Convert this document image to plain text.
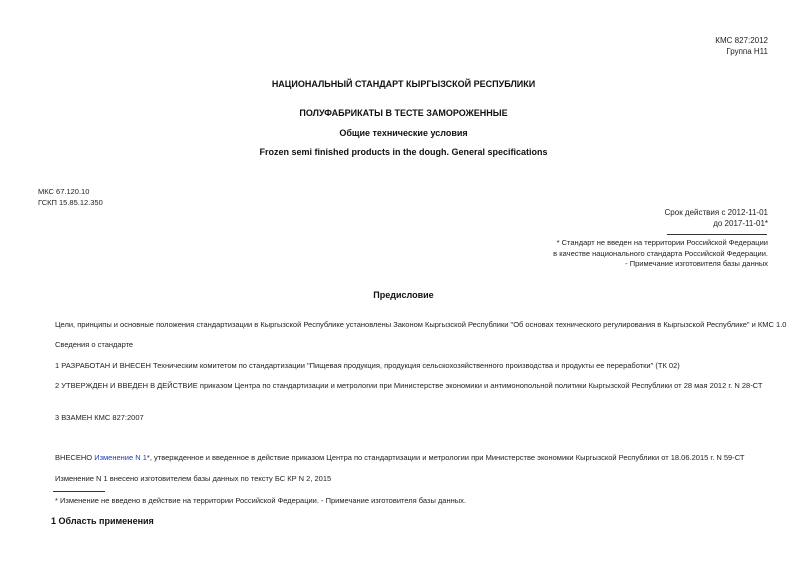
КМС 827:2012
Группа Н11
НАЦИОНАЛЬНЫЙ СТАНДАРТ КЫРГЫЗСКОЙ РЕСПУБЛИКИ
ПОЛУФАБРИКАТЫ В ТЕСТЕ ЗАМОРОЖЕННЫЕ
Общие технические условия
Frozen semi finished products in the dough. General specifications
МКС 67.120.10
ГСКП 15.85.12.350
Срок действия с 2012-11-01
до 2017-11-01*
* Стандарт не введен на территории Российской Федерации
в качестве национального стандарта Российской Федерации.
- Примечание изготовителя базы данных
Предисловие
Цели, принципы и основные положения стандартизации в Кыргызской Республике установлены Законом Кыргызской Республики "Об основах технического регулирования в Кыргызской Республике" и КМС 1.0
Сведения о стандарте
1 РАЗРАБОТАН И ВНЕСЕН Техническим комитетом по стандартизации "Пищевая продукция, продукция сельскохозяйственного производства и продукты ее переработки" (ТК 02)
2 УТВЕРЖДЕН И ВВЕДЕН В ДЕЙСТВИЕ приказом Центра по стандартизации и метрологии при Министерстве экономики и антимонопольной политики Кыргызской Республики от 28 мая 2012 г. N 28-СТ
3 ВЗАМЕН КМС 827:2007
ВНЕСЕНО Изменение N 1*, утвержденное и введенное в действие приказом Центра по стандартизации и метрологии при Министерстве экономики Кыргызской Республики от 18.06.2015 г. N 59-СТ
Изменение N 1 внесено изготовителем базы данных по тексту БС КР N 2, 2015
* Изменение не введено в действие на территории Российской Федерации. - Примечание изготовителя базы данных.
1 Область применения
